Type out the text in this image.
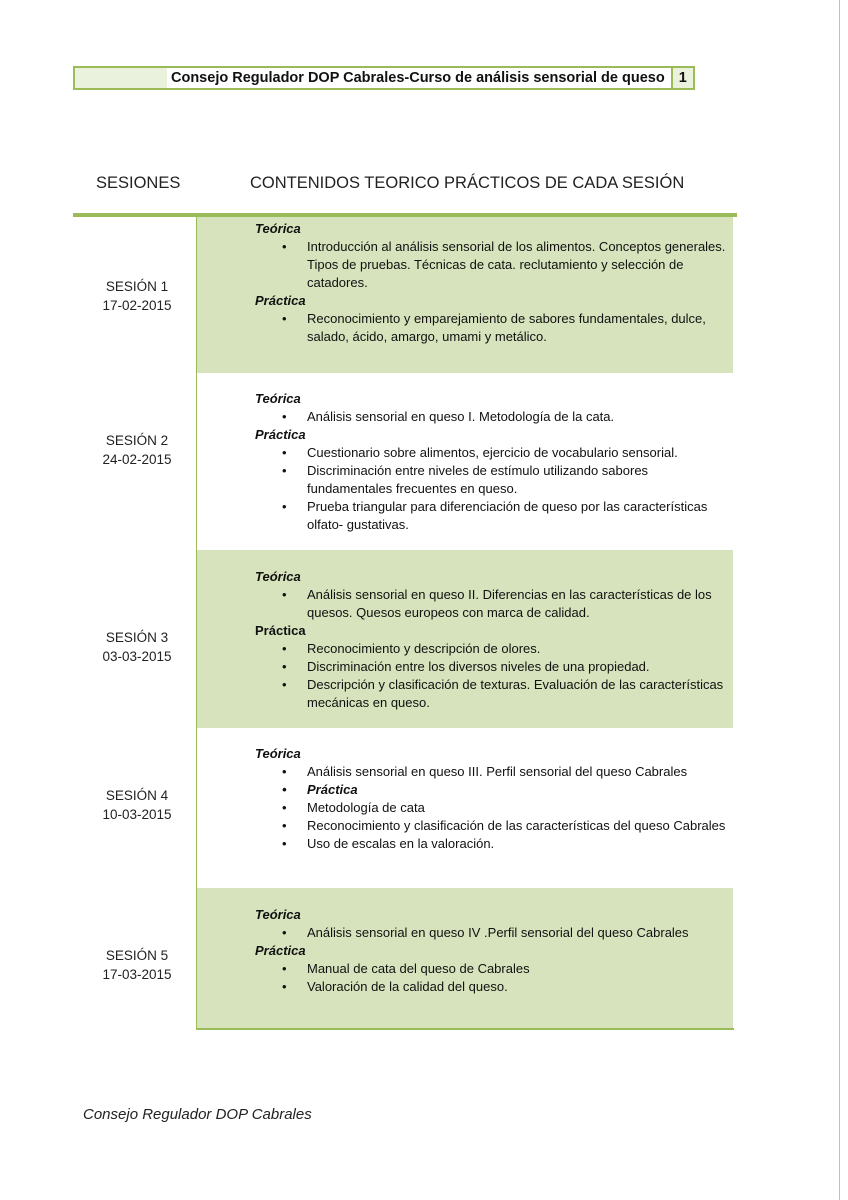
Consejo Regulador DOP Cabrales-Curso de análisis sensorial de queso 1
SESIONES	CONTENIDOS TEORICO PRÁCTICOS DE CADA SESIÓN
SESIÓN 1
17-02-2015
Teórica
• Introducción al análisis sensorial de los alimentos. Conceptos generales. Tipos de pruebas. Técnicas de cata. reclutamiento y selección de catadores.
Práctica
• Reconocimiento y emparejamiento de sabores fundamentales, dulce, salado, ácido, amargo, umami y metálico.
SESIÓN 2
24-02-2015
Teórica
• Análisis sensorial en queso I. Metodología de la cata.
Práctica
• Cuestionario sobre alimentos, ejercicio de vocabulario sensorial.
• Discriminación entre niveles de estímulo utilizando sabores fundamentales frecuentes en queso.
• Prueba triangular para diferenciación de queso por las características olfato- gustativas.
SESIÓN 3
03-03-2015
Teórica
• Análisis sensorial en queso II. Diferencias en las características de los quesos. Quesos europeos con marca de calidad.
Práctica
• Reconocimiento y descripción de olores.
• Discriminación entre los diversos niveles de una propiedad.
• Descripción y clasificación de texturas. Evaluación de las características mecánicas en queso.
SESIÓN 4
10-03-2015
Teórica
• Análisis sensorial en queso III. Perfil sensorial del queso Cabrales
• Práctica
• Metodología de cata
• Reconocimiento y clasificación de las características del queso Cabrales
• Uso de escalas en la valoración.
SESIÓN 5
17-03-2015
Teórica
• Análisis sensorial en queso IV .Perfil sensorial del queso Cabrales
Práctica
• Manual de cata del queso de Cabrales
• Valoración de la calidad del queso.
Consejo Regulador DOP Cabrales
